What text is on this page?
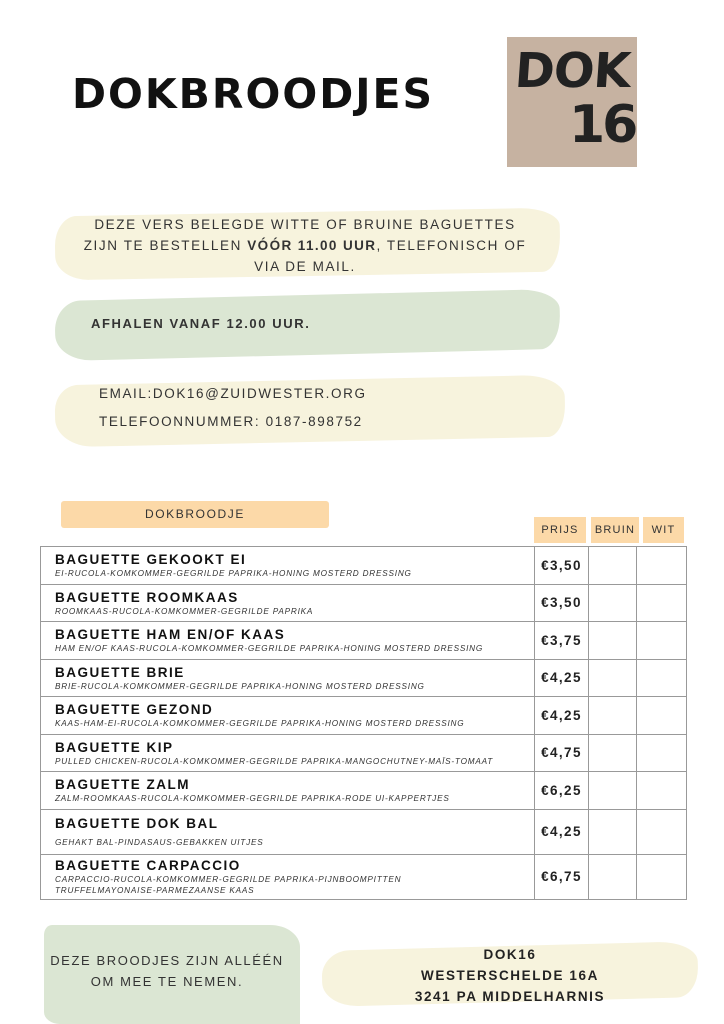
DOKBROODJES DOK
16
DEZE VERS BELEGDE WITTE OF BRUINE BAGUETTES ZIJN TE BESTELLEN VÓÓR 11.00 UUR, TELEFONISCH OF VIA DE MAIL.
AFHALEN VANAF 12.00 UUR.
EMAIL:DOK16@ZUIDWESTER.ORG
TELEFOONNUMMER: 0187-898752
DOKBROODJE
PRIJS	BRUIN	WIT
BAGUETTE GEKOOKT EI
EI-RUCOLA-KOMKOMMER-GEGRILDE PAPRIKA-HONING MOSTERD DRESSING	€3,50		

BAGUETTE ROOMKAAS
ROOMKAAS-RUCOLA-KOMKOMMER-GEGRILDE PAPRIKA	€3,50		

BAGUETTE HAM EN/OF KAAS
HAM EN/OF KAAS-RUCOLA-KOMKOMMER-GEGRILDE PAPRIKA-HONING MOSTERD DRESSING	€3,75		

BAGUETTE BRIE
BRIE-RUCOLA-KOMKOMMER-GEGRILDE PAPRIKA-HONING MOSTERD DRESSING	€4,25		

BAGUETTE GEZOND
KAAS-HAM-EI-RUCOLA-KOMKOMMER-GEGRILDE PAPRIKA-HONING MOSTERD DRESSING	€4,25		

BAGUETTE KIP
PULLED CHICKEN-RUCOLA-KOMKOMMER-GEGRILDE PAPRIKA-MANGOCHUTNEY-MAÏS-TOMAAT	€4,75		

BAGUETTE ZALM
ZALM-ROOMKAAS-RUCOLA-KOMKOMMER-GEGRILDE PAPRIKA-RODE UI-KAPPERTJES	€6,25		

BAGUETTE DOK BAL
GEHAKT BAL-PINDASAUS-GEBAKKEN UITJES	€4,25		

BAGUETTE CARPACCIO
CARPACCIO-RUCOLA-KOMKOMMER-GEGRILDE PAPRIKA-PIJNBOOMPITTEN TRUFFELMAYONAISE-PARMEZAANSE KAAS	€6,75		
DEZE BROODJES ZIJN ALLÉÉN OM MEE TE NEMEN.
DOK16
WESTERSCHELDE 16A
3241 PA MIDDELHARNIS
